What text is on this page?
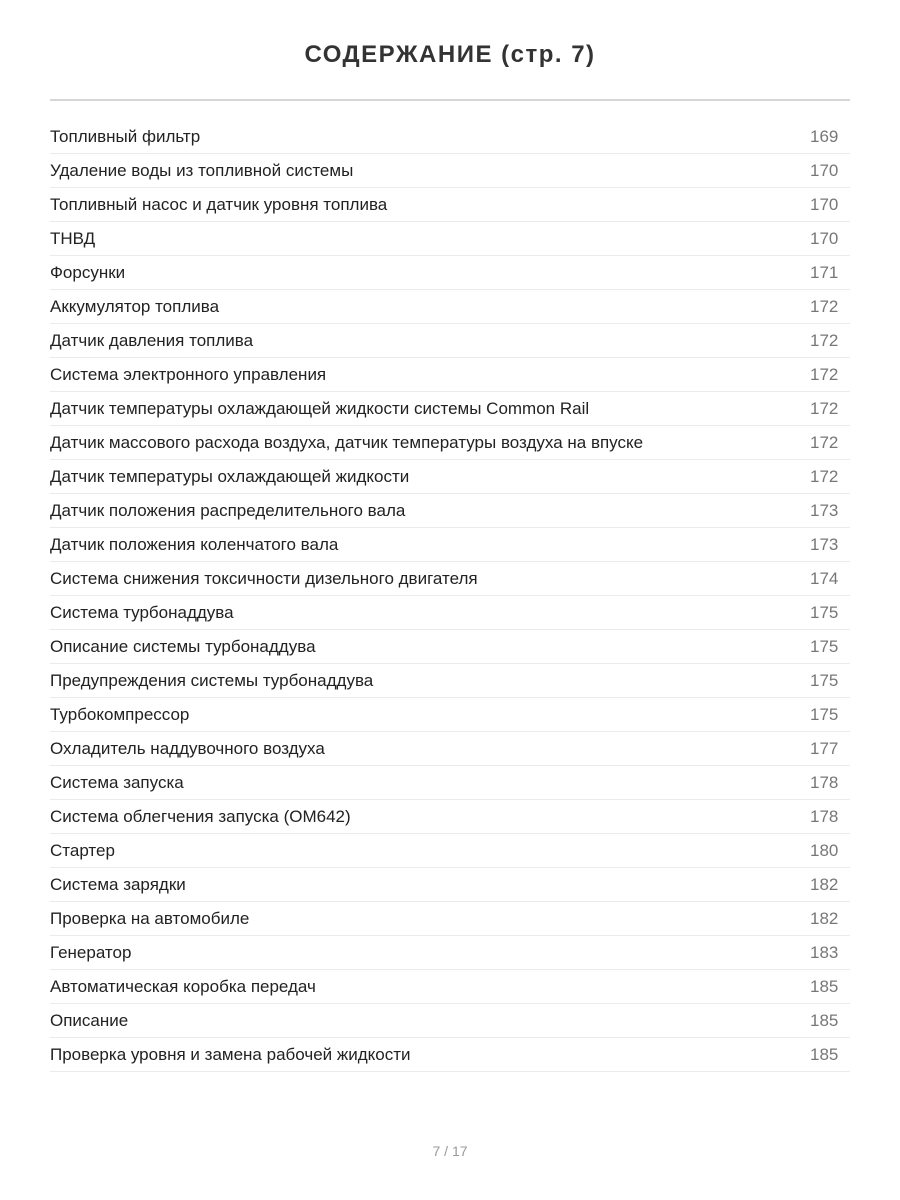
СОДЕРЖАНИЕ (стр. 7)
Топливный фильтр	169
Удаление воды из топливной системы	170
Топливный насос и датчик уровня топлива	170
ТНВД	170
Форсунки	171
Аккумулятор топлива	172
Датчик давления топлива	172
Система электронного управления	172
Датчик температуры охлаждающей жидкости системы Common Rail	172
Датчик массового расхода воздуха, датчик температуры воздуха на впуске	172
Датчик температуры охлаждающей жидкости	172
Датчик положения распределительного вала	173
Датчик положения коленчатого вала	173
Система снижения токсичности дизельного двигателя	174
Система турбонаддува	175
Описание системы турбонаддува	175
Предупреждения системы турбонаддува	175
Турбокомпрессор	175
Охладитель наддувочного воздуха	177
Система запуска	178
Система облегчения запуска (OM642)	178
Стартер	180
Система зарядки	182
Проверка на автомобиле	182
Генератор	183
Автоматическая коробка передач	185
Описание	185
Проверка уровня и замена рабочей жидкости	185
7 / 17
